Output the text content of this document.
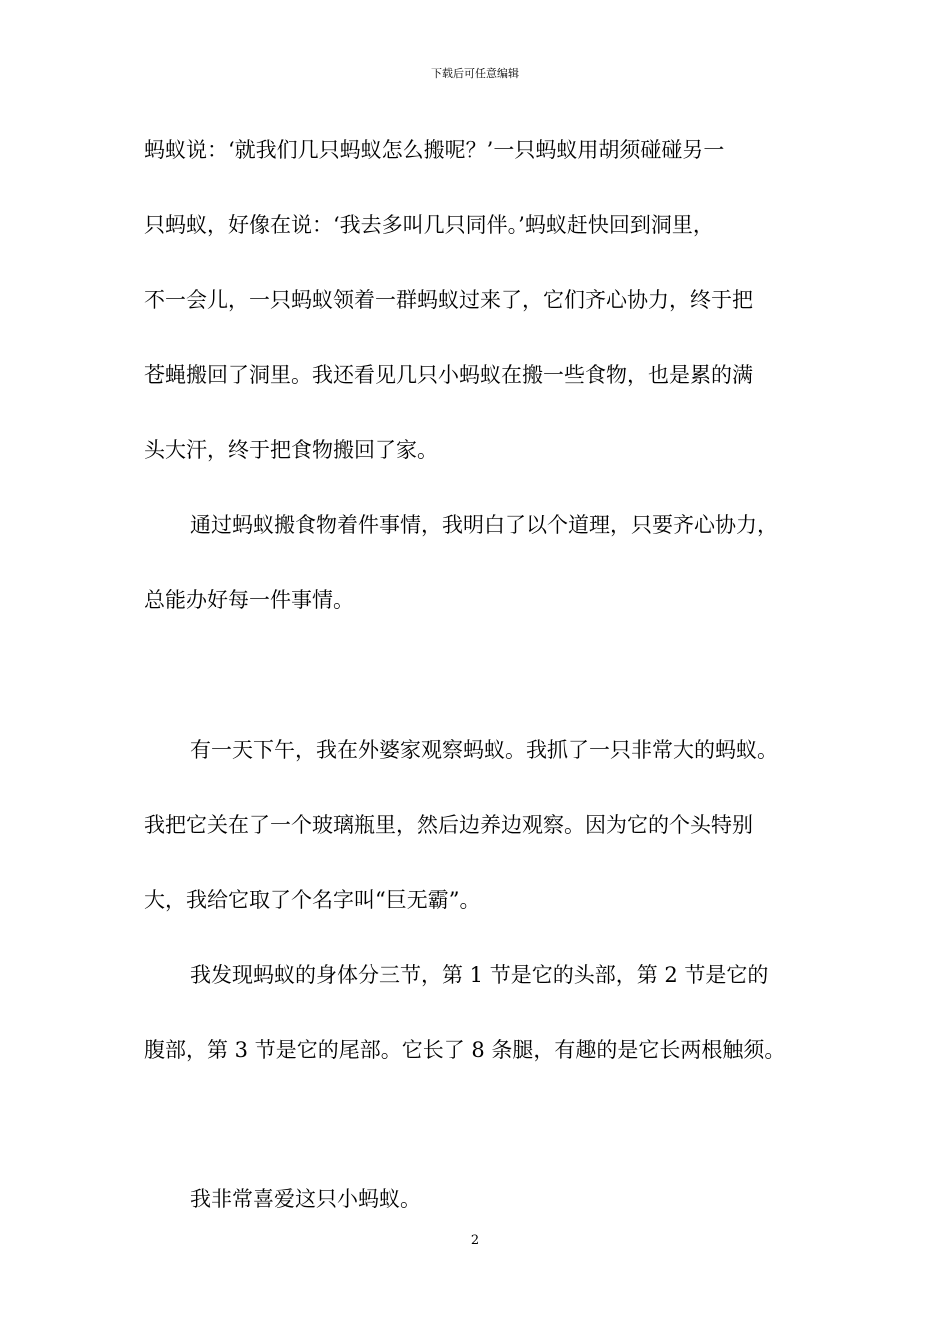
下载后可任意编辑
蚂蚁说：‘就我们几只蚂蚁怎么搬呢？’一只蚂蚁用胡须碰碰另一
只蚂蚁，好像在说：‘我去多叫几只同伴。’蚂蚁赶快回到洞里，
不一会儿，一只蚂蚁领着一群蚂蚁过来了，它们齐心协力，终于把
苍蝇搬回了洞里。我还看见几只小蚂蚁在搬一些食物，也是累的满
头大汗，终于把食物搬回了家。
通过蚂蚁搬食物着件事情，我明白了以个道理，只要齐心协力，
总能办好每一件事情。
有一天下午，我在外婆家观察蚂蚁。我抓了一只非常大的蚂蚁。
我把它关在了一个玻璃瓶里，然后边养边观察。因为它的个头特别
大，我给它取了个名字叫“巨无霸”。
我发现蚂蚁的身体分三节，第 1 节是它的头部，第 2 节是它的
腹部，第 3 节是它的尾部。它长了 8 条腿，有趣的是它长两根触须。
我非常喜爱这只小蚂蚁。
2
